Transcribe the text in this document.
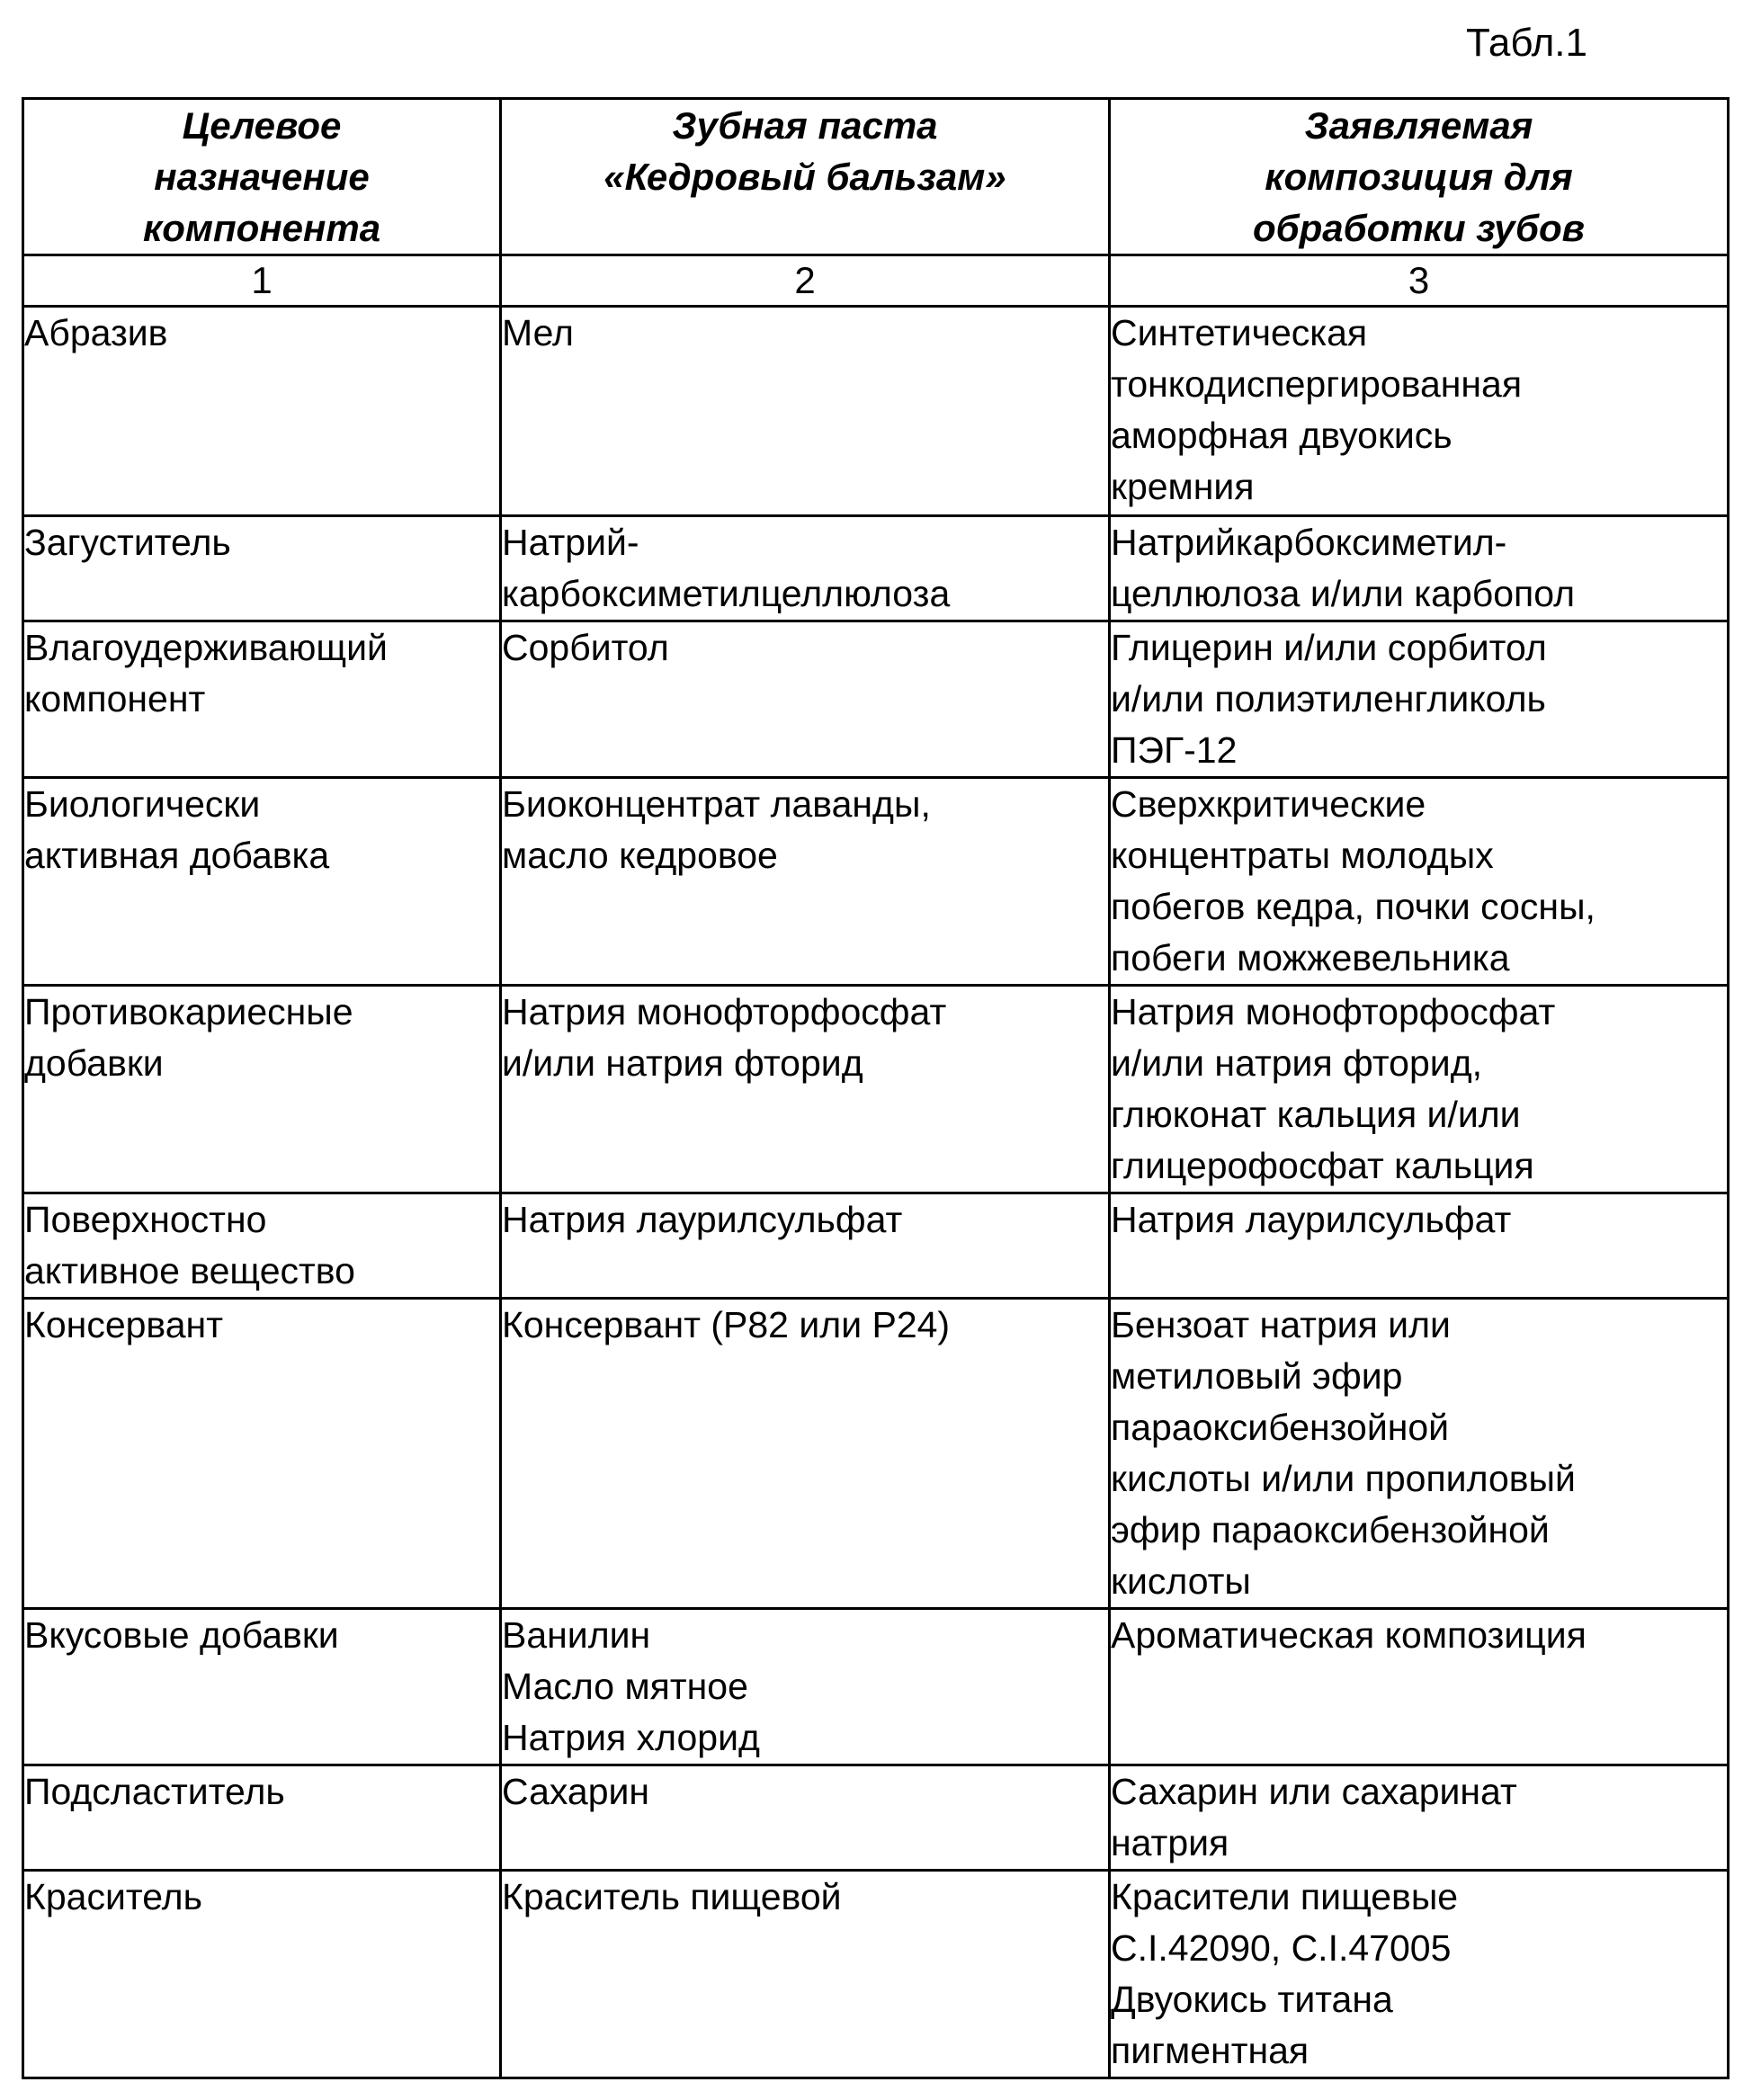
Табл.1
Целевое
назначение
компонента

Зубная паста
«Кедровый бальзам»

Заявляемая
композиция для
обработки зубов

1	2	3

Абразив	Мел	Синтетическая
тонкодиспергированная
аморфная двуокись
кремния

Загуститель	Натрий-
карбоксиметилцеллюлоза

Натрийкарбоксиметил-
целлюлоза и/или карбопол

Влагоудерживающий
компонент

Сорбитол	Глицерин и/или сорбитол
и/или полиэтиленгликоль
ПЭГ-12

Биологически
активная добавка

Биоконцентрат лаванды,
масло кедровое

Сверхкритические
концентраты молодых
побегов кедра, почки сосны,
побеги можжевельника

Противокариесные
добавки

Натрия монофторфосфат
и/или натрия фторид

Натрия монофторфосфат
и/или натрия фторид,
глюконат кальция и/или
глицерофосфат кальция

Поверхностно
активное вещество

Натрия лаурилсульфат	Натрия лаурилсульфат

Консервант	Консервант (Р82 или Р24)	Бензоат натрия или
метиловый эфир
параоксибензойной
кислоты и/или пропиловый
эфир параоксибензойной
кислоты

Вкусовые добавки	Ванилин
Масло мятное
Натрия хлорид

Ароматическая композиция

Подсластитель	Сахарин	Сахарин или сахаринат
натрия

Краситель	Краситель пищевой	Красители пищевые
C.I.42090, C.I.47005
Двуокись титана
пигментная
